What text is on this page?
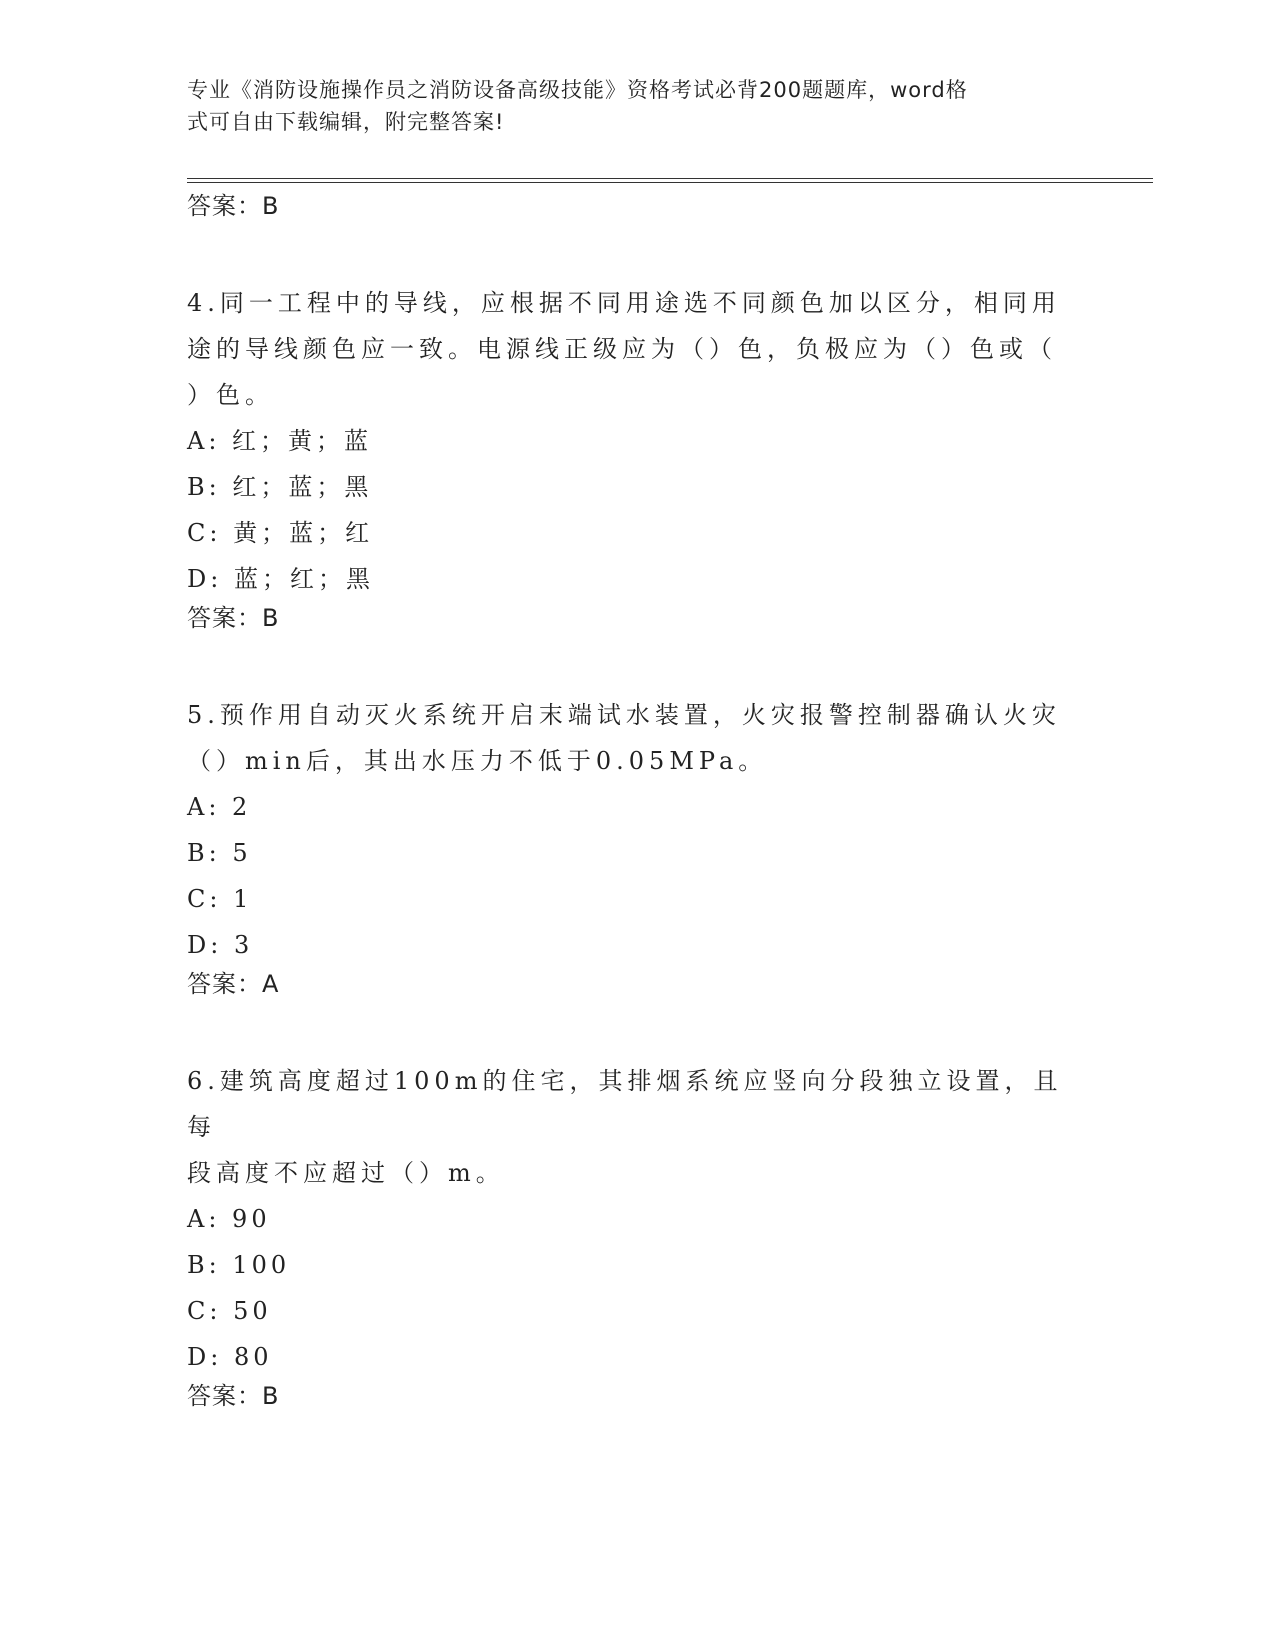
专业《消防设施操作员之消防设备高级技能》资格考试必背200题题库，word格
式可自由下载编辑，附完整答案!
答案：B
4.同一工程中的导线，应根据不同用途选不同颜色加以区分，相同用
途的导线颜色应一致。电源线正级应为（）色，负极应为（）色或（
）色。
A: 红；黄；蓝
B: 红；蓝；黑
C: 黄；蓝；红
D: 蓝；红；黑
答案：B
5.预作用自动灭火系统开启末端试水装置，火灾报警控制器确认火灾
（）min后，其出水压力不低于0.05MPa。
A: 2
B: 5
C: 1
D: 3
答案：A
6.建筑高度超过100m的住宅，其排烟系统应竖向分段独立设置，且每
段高度不应超过（）m。
A: 90
B: 100
C: 50
D: 80
答案：B
